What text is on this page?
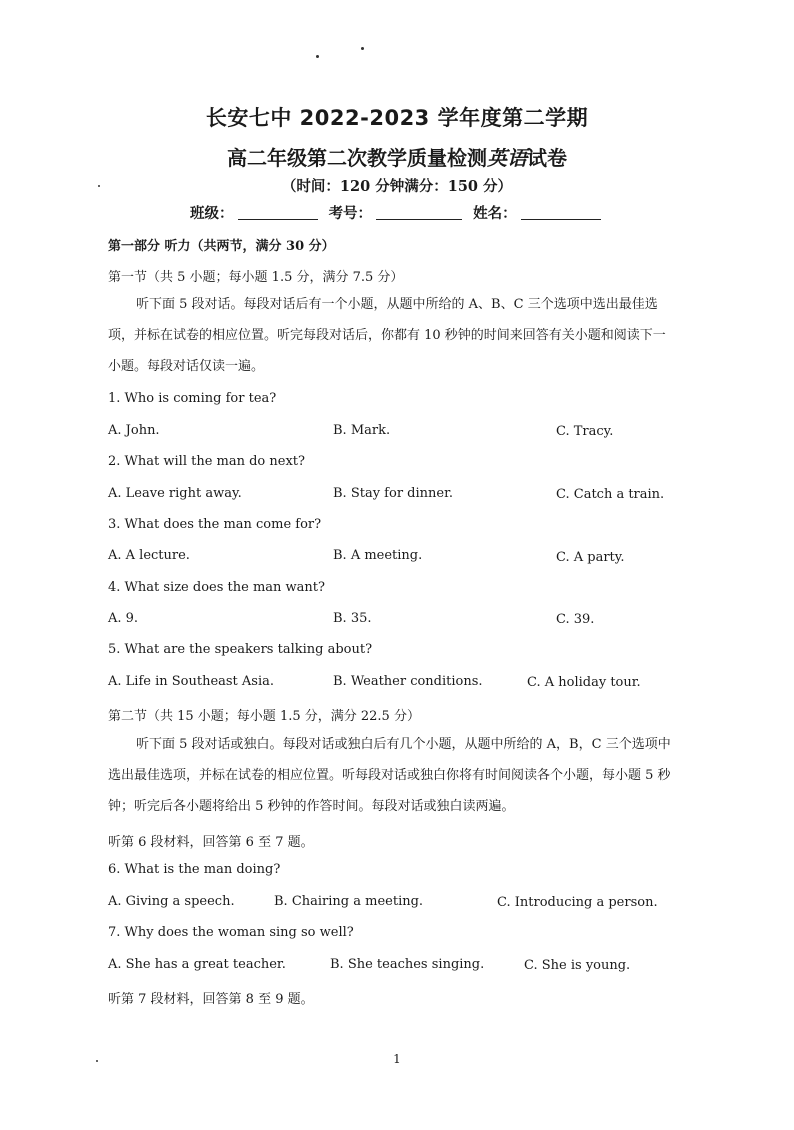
长安七中 2022-2023 学年度第二学期
高二年级第二次教学质量检测英语试卷
（时间：120 分钟满分：150 分）
班级：	考号：	姓名：
第一部分 听力（共两节，满分 30 分）
第一节（共 5 小题；每小题 1.5 分，满分 7.5 分）
听下面 5 段对话。每段对话后有一个小题，从题中所给的 A、B、C 三个选项中选出最佳选项，并标在试卷的相应位置。听完每段对话后，你都有 10 秒钟的时间来回答有关小题和阅读下一小题。每段对话仅读一遍。
1. Who is coming for tea?
A. John.	B. Mark.	C. Tracy.
2. What will the man do next?
A. Leave right away.	B. Stay for dinner.	C. Catch a train.
3. What does the man come for?
A. A lecture.	B. A meeting.	C. A party.
4. What size does the man want?
A. 9.	B. 35.	C. 39.
5. What are the speakers talking about?
A. Life in Southeast Asia.	B. Weather conditions.	C. A holiday tour.
第二节（共 15 小题；每小题 1.5 分，满分 22.5 分）
听下面 5 段对话或独白。每段对话或独白后有几个小题，从题中所给的 A，B，C 三个选项中选出最佳选项，并标在试卷的相应位置。听每段对话或独白你将有时间阅读各个小题，每小题 5 秒钟；听完后各小题将给出 5 秒钟的作答时间。每段对话或独白读两遍。
听第 6 段材料，回答第 6 至 7 题。
6. What is the man doing?
A. Giving a speech.	B. Chairing a meeting.	C. Introducing a person.
7. Why does the woman sing so well?
A. She has a great teacher.	B. She teaches singing.	C. She is young.
听第 7 段材料，回答第 8 至 9 题。
1
